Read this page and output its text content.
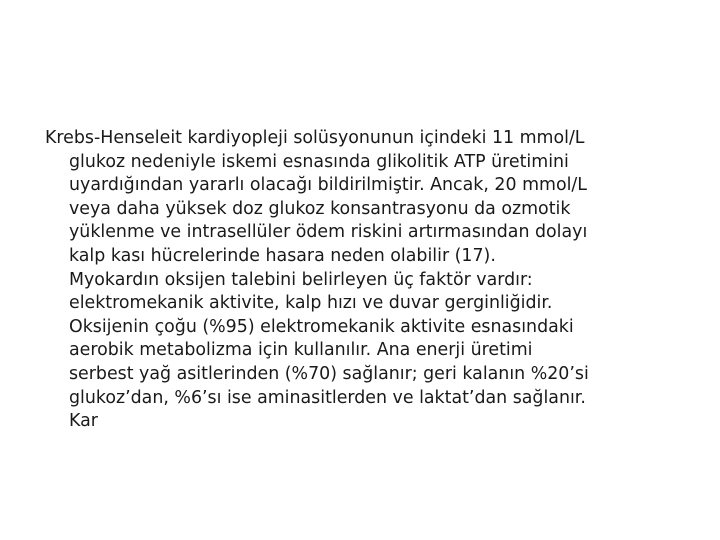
Krebs-Henseleit kardiyopleji solüsyonunun içindeki 11 mmol/L
glukoz nedeniyle iskemi esnasında glikolitik ATP üretimini
uyardığından yararlı olacağı bildirilmiştir. Ancak, 20 mmol/L
veya daha yüksek doz glukoz konsantrasyonu da ozmotik
yüklenme ve intrasellüler ödem riskini artırmasından dolayı
kalp kası hücrelerinde hasara neden olabilir (17).
Myokardın oksijen talebini belirleyen üç faktör vardır:
elektromekanik aktivite, kalp hızı ve duvar gerginliğidir.
Oksijenin çoğu (%95) elektromekanik aktivite esnasındaki
aerobik metabolizma için kullanılır. Ana enerji üretimi
serbest yağ asitlerinden (%70) sağlanır; geri kalanın %20’si
glukoz’dan, %6’sı ise aminasitlerden ve laktat’dan sağlanır.
Kar
